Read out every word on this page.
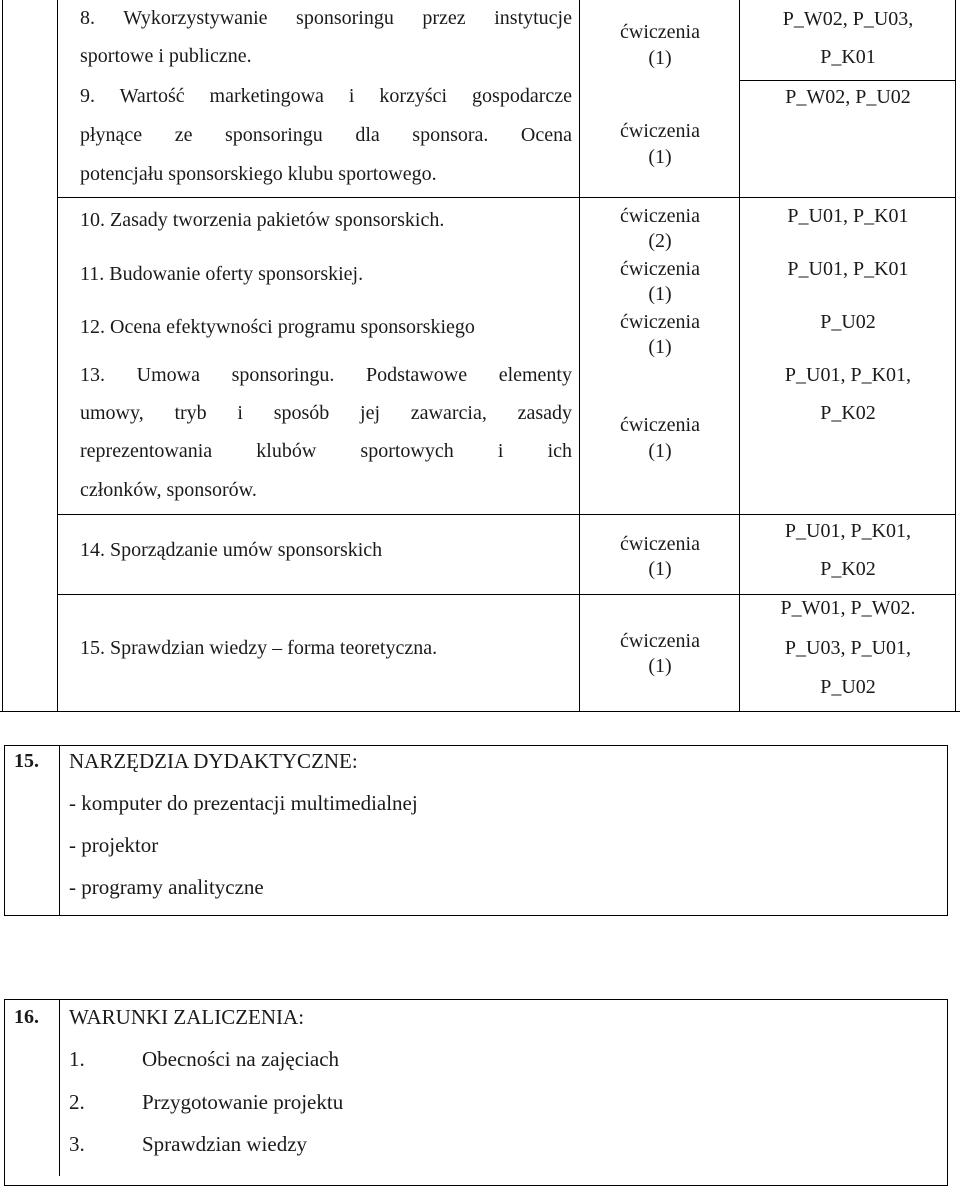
8. Wykorzystywanie sponsoringu przez instytucje
sportowe i publiczne.
ćwiczenia
(1)
P_W02, P_U03,
P_K01
9. Wartość marketingowa i korzyści gospodarcze
płynące ze sponsoringu dla sponsora. Ocena
potencjału sponsorskiego klubu sportowego.
ćwiczenia
(1)
P_W02, P_U02
10. Zasady tworzenia pakietów sponsorskich.	ćwiczenia
(2)
P_U01, P_K01
11. Budowanie oferty sponsorskiej.	ćwiczenia
(1)
P_U01, P_K01
12. Ocena efektywności programu sponsorskiego	ćwiczenia
(1)
P_U02
13. Umowa sponsoringu. Podstawowe elementy
umowy, tryb i sposób jej zawarcia, zasady
reprezentowania klubów sportowych i ich
członków, sponsorów.
ćwiczenia
(1)
P_U01, P_K01,
P_K02
14. Sporządzanie umów sponsorskich	ćwiczenia
(1)
P_U01, P_K01,
P_K02
15. Sprawdzian wiedzy – forma teoretyczna.	ćwiczenia
(1)
P_W01, P_W02.
P_U03, P_U01,
P_U02
15. NARZĘDZIA DYDAKTYCZNE:
- komputer do prezentacji multimedialnej
- projektor
- programy analityczne
16. WARUNKI ZALICZENIA:
1.	Obecności na zajęciach
2.	Przygotowanie projektu
3.	Sprawdzian wiedzy
